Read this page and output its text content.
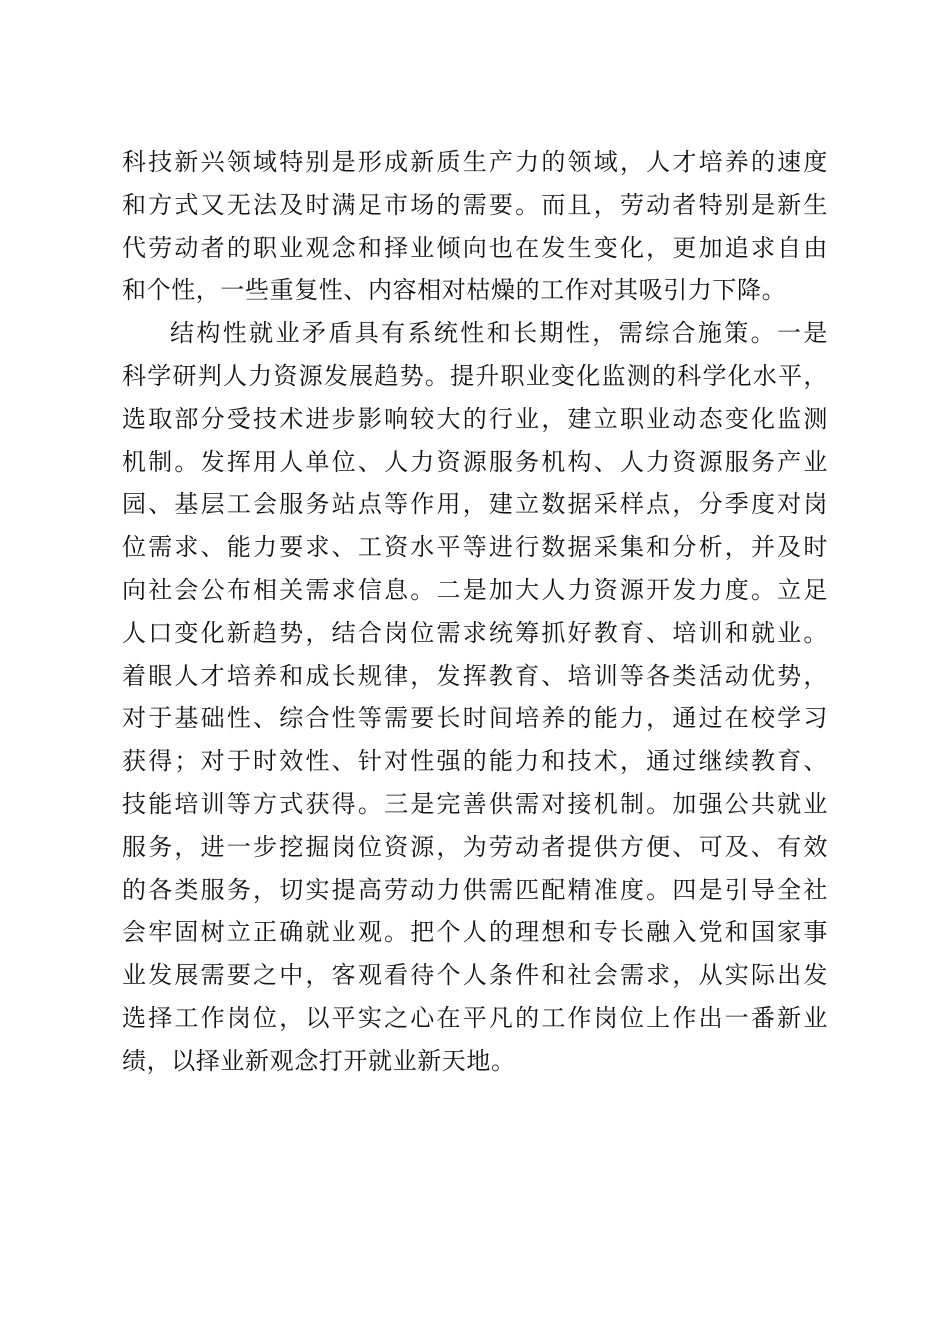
科技新兴领域特别是形成新质生产力的领域，人才培养的速度
和方式又无法及时满足市场的需要。而且，劳动者特别是新生
代劳动者的职业观念和择业倾向也在发生变化，更加追求自由
和个性，一些重复性、内容相对枯燥的工作对其吸引力下降。
结构性就业矛盾具有系统性和长期性，需综合施策。一是
科学研判人力资源发展趋势。提升职业变化监测的科学化水平，
选取部分受技术进步影响较大的行业，建立职业动态变化监测
机制。发挥用人单位、人力资源服务机构、人力资源服务产业
园、基层工会服务站点等作用，建立数据采样点，分季度对岗
位需求、能力要求、工资水平等进行数据采集和分析，并及时
向社会公布相关需求信息。二是加大人力资源开发力度。立足
人口变化新趋势，结合岗位需求统筹抓好教育、培训和就业。
着眼人才培养和成长规律，发挥教育、培训等各类活动优势，
对于基础性、综合性等需要长时间培养的能力，通过在校学习
获得；对于时效性、针对性强的能力和技术，通过继续教育、
技能培训等方式获得。三是完善供需对接机制。加强公共就业
服务，进一步挖掘岗位资源，为劳动者提供方便、可及、有效
的各类服务，切实提高劳动力供需匹配精准度。四是引导全社
会牢固树立正确就业观。把个人的理想和专长融入党和国家事
业发展需要之中，客观看待个人条件和社会需求，从实际出发
选择工作岗位，以平实之心在平凡的工作岗位上作出一番新业
绩，以择业新观念打开就业新天地。
